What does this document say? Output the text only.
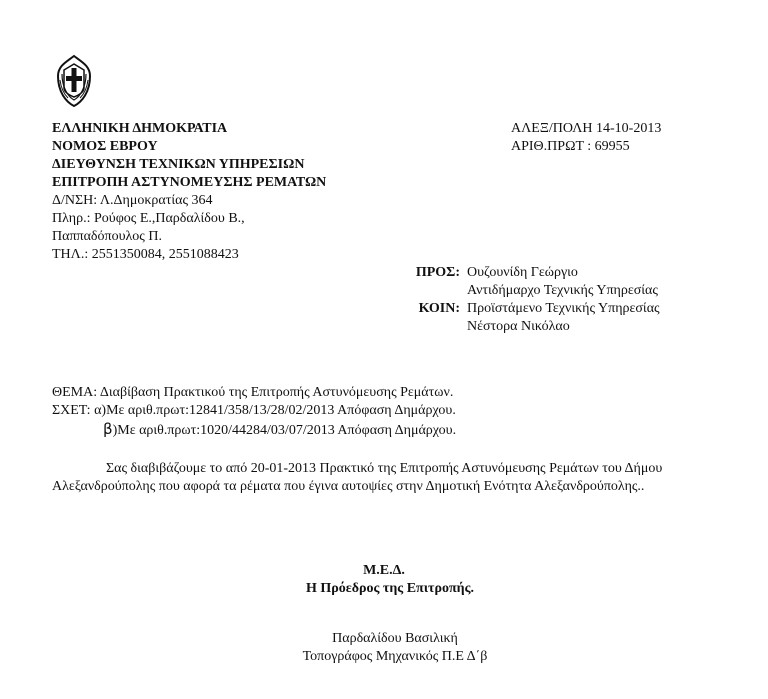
ΕΛΛΗΝΙΚΗ ΔΗΜΟΚΡΑΤΙΑ
ΝΟΜΟΣ ΕΒΡΟΥ
ΔΙΕΥΘΥΝΣΗ ΤΕΧΝΙΚΩΝ ΥΠΗΡΕΣΙΩΝ
ΕΠΙΤΡΟΠΗ ΑΣΤΥΝΟΜΕΥΣΗΣ ΡΕΜΑΤΩΝ
Δ/ΝΣΗ: Λ.Δημοκρατίας 364
Πληρ.: Ρούφος Ε.,Παρδαλίδου Β.,
Παππαδόπουλος Π.
ΤΗΛ.: 2551350084, 2551088423
ΑΛΕΞ/ΠΟΛΗ 14-10-2013
ΑΡΙΘ.ΠΡΩΤ : 69955
ΠΡΟΣ: Ουζουνίδη Γεώργιο
Αντιδήμαρχο Τεχνικής Υπηρεσίας
ΚΟΙΝ: Προϊστάμενο Τεχνικής Υπηρεσίας
Νέστορα Νικόλαο
ΘΕΜΑ: Διαβίβαση Πρακτικού της Επιτροπής Αστυνόμευσης Ρεμάτων.
ΣΧΕΤ: α)Με αριθ.πρωτ:12841/358/13/28/02/2013 Απόφαση Δημάρχου.
β)Με αριθ.πρωτ:1020/44284/03/07/2013 Απόφαση Δημάρχου.
Σας διαβιβάζουμε το από 20-01-2013 Πρακτικό της Επιτροπής Αστυνόμευσης Ρεμάτων του Δήμου
Αλεξανδρούπολης που αφορά τα ρέματα που έγινα αυτοψίες στην Δημοτική Ενότητα Αλεξανδρούπολης..
Μ.Ε.Δ.
Η Πρόεδρος της Επιτροπής.
Παρδαλίδου Βασιλική
Τοπογράφος Μηχανικός Π.Ε Δ΄β
